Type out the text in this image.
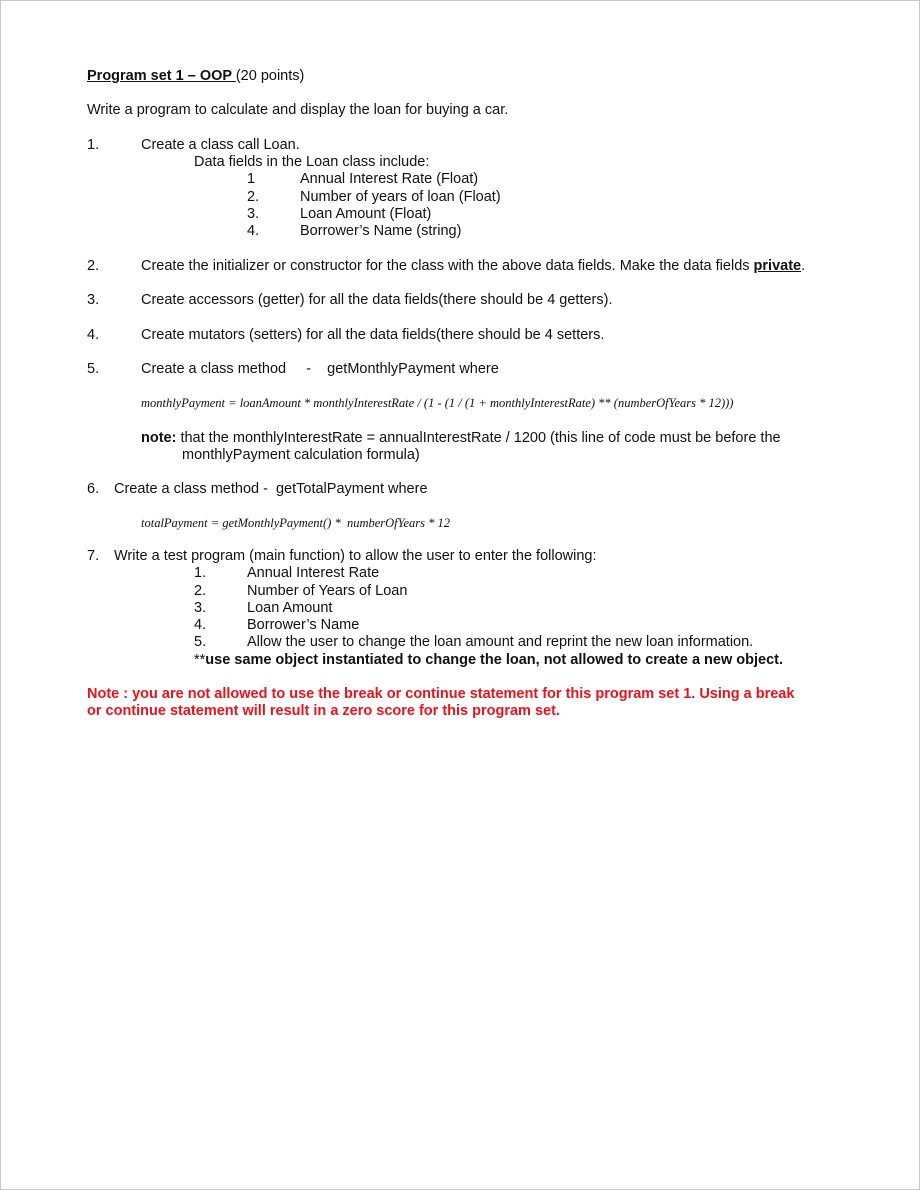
Program set 1 – OOP (20 points)
Write a program to calculate and display the loan for buying a car.
1.	Create a class call Loan.
Data fields in the Loan class include:
1	Annual Interest Rate (Float)
2.	Number of years of loan (Float)
3.	Loan Amount (Float)
4.	Borrower’s Name (string)
2.	Create the initializer or constructor for the class with the above data fields. Make the data fields private.
3.	Create accessors (getter) for all the data fields(there should be 4 getters).
4.	Create mutators (setters) for all the data fields(there should be 4 setters.
5.	Create a class method     -    getMonthlyPayment where
monthlyPayment = loanAmount * monthlyInterestRate / (1 - (1 / (1 + monthlyInterestRate) ** (numberOfYears * 12)))
note: that the monthlyInterestRate = annualInterestRate / 1200 (this line of code must be before the
monthlyPayment calculation formula)
6. Create a class method -  getTotalPayment where
totalPayment = getMonthlyPayment() *  numberOfYears * 12
7. Write a test program (main function) to allow the user to enter the following:
1.	Annual Interest Rate
2.	Number of Years of Loan
3.	Loan Amount
4.	Borrower’s Name
5.	Allow the user to change the loan amount and reprint the new loan information.
**use same object instantiated to change the loan, not allowed to create a new object.
Note : you are not allowed to use the break or continue statement for this program set 1. Using a break
or continue statement will result in a zero score for this program set.
